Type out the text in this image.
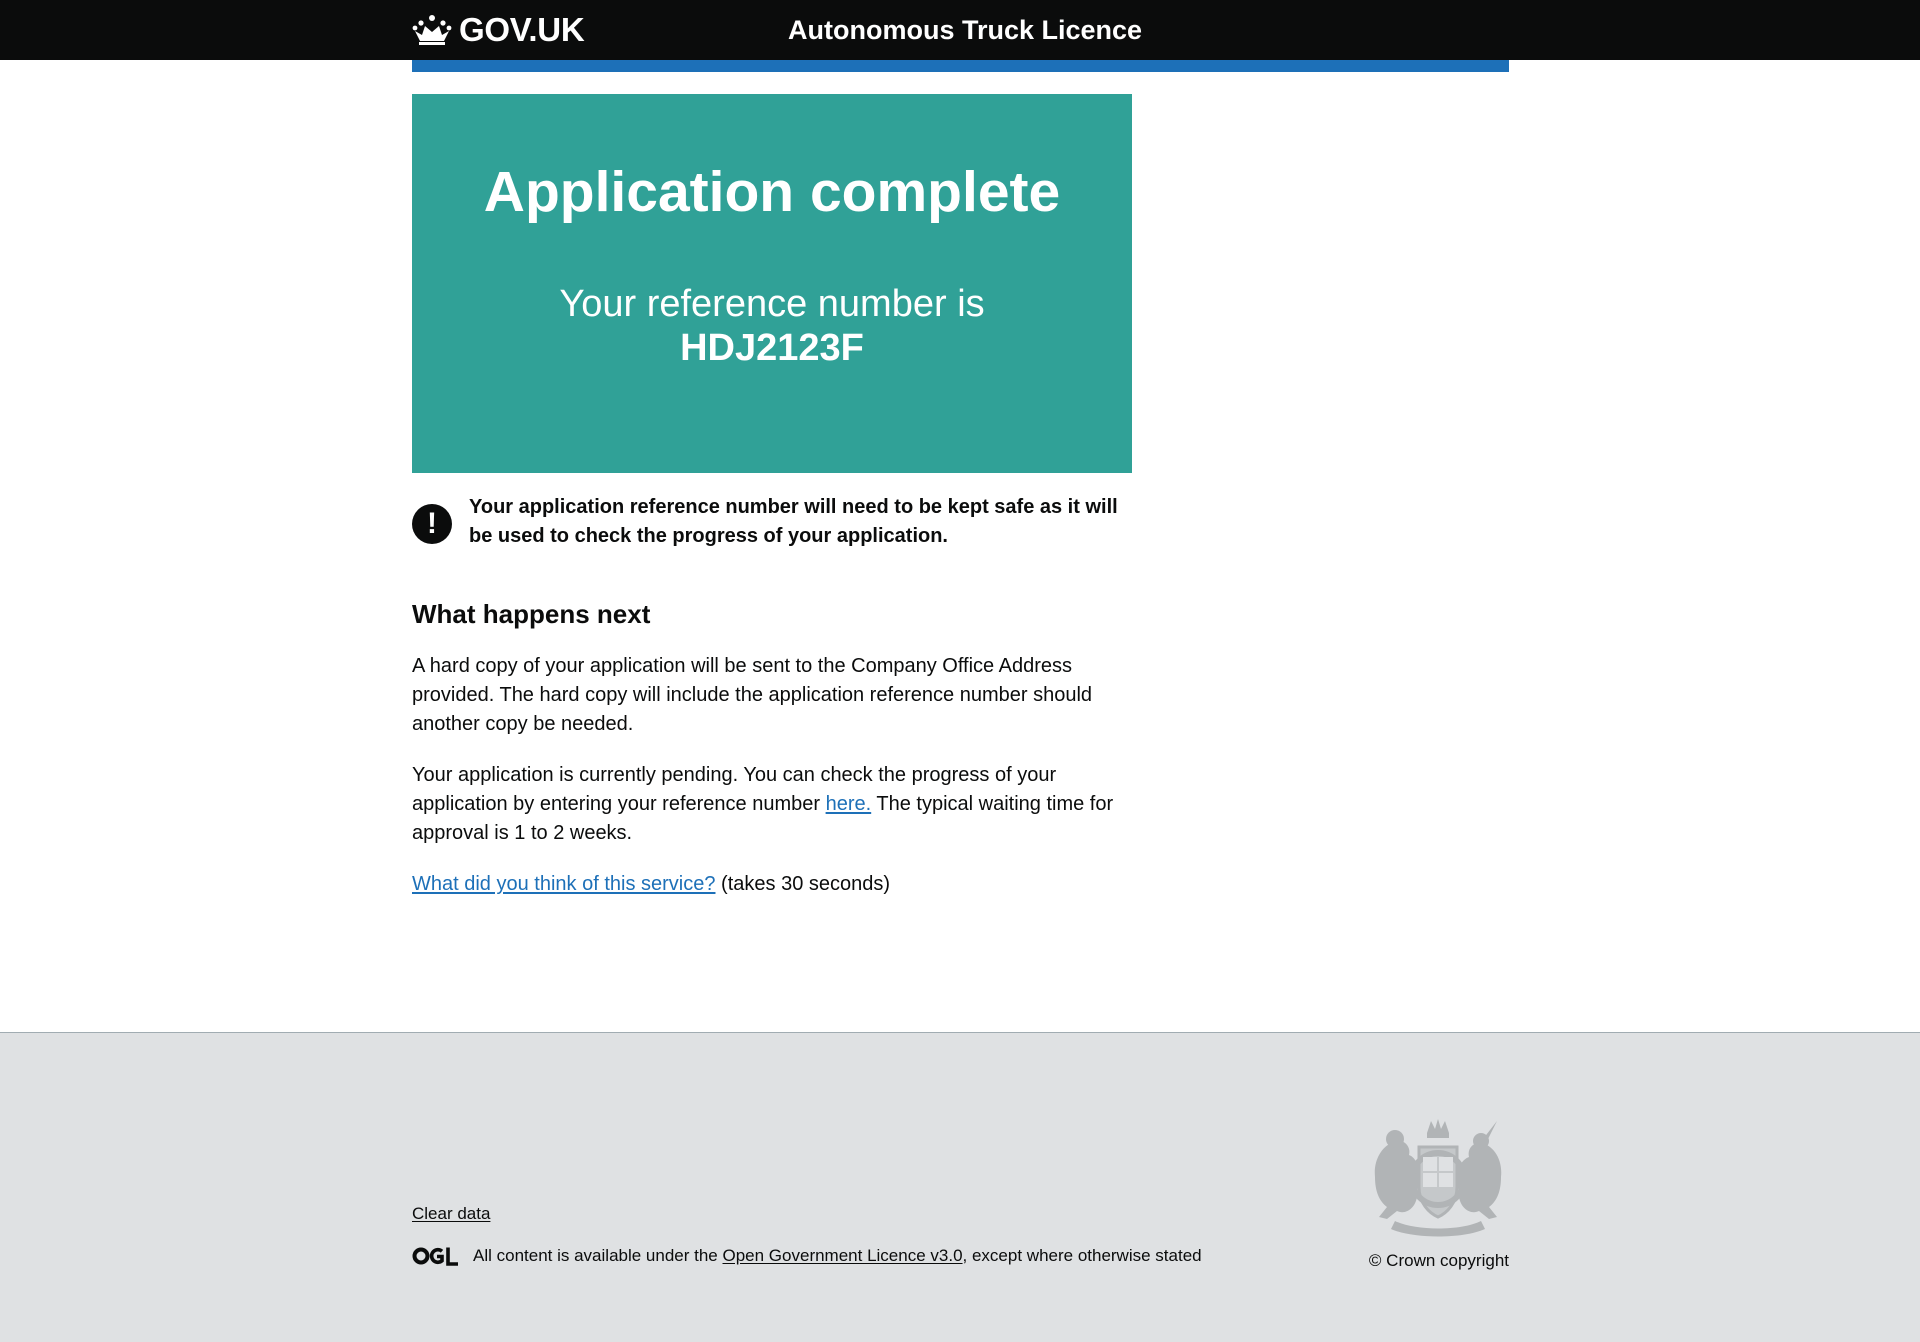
GOV.UK	Autonomous Truck Licence
Application complete
Your reference number is
HDJ2123F
!	Your application reference number will need to be kept safe as it will be used to check the progress of your application.
What happens next

A hard copy of your application will be sent to the Company Office Address provided. The hard copy will include the application reference number should another copy be needed.

Your application is currently pending. You can check the progress of your application by entering your reference number here. The typical waiting time for approval is 1 to 2 weeks.

What did you think of this service? (takes 30 seconds)

Clear data
All content is available under the
Open Government Licence v3.0 , except where otherwise stated	© Crown copyright
